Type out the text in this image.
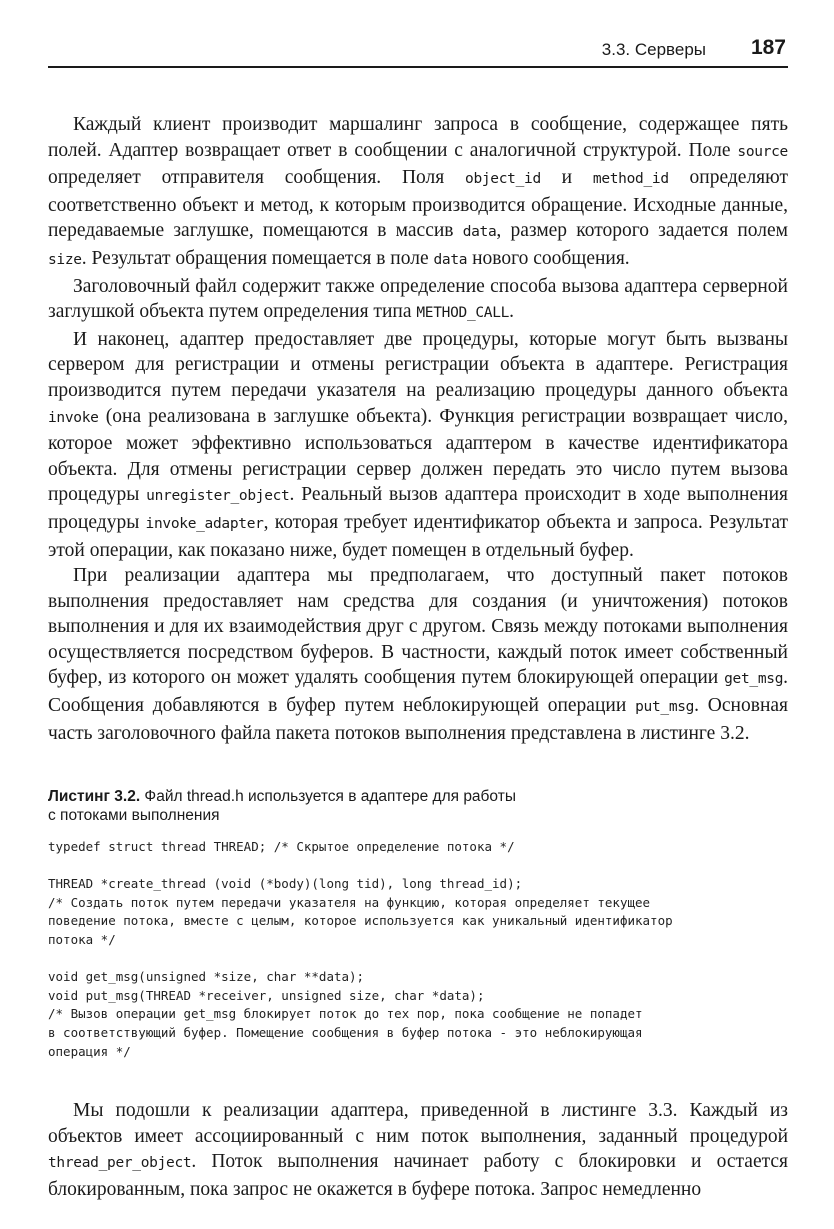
3.3. Серверы 187

Каждый клиент производит маршалинг запроса в сообщение, содержащее пять полей. Адаптер возвращает ответ в сообщении с аналогичной структурой. Поле source определяет отправителя сообщения. Поля object_id и method_id определяют соответственно объект и метод, к которым производится обращение. Исходные данные, передаваемые заглушке, помещаются в массив data, размер которого задается полем size. Результат обращения помещается в поле data нового сообщения.

Заголовочный файл содержит также определение способа вызова адаптера серверной заглушкой объекта путем определения типа METHOD_CALL.

И наконец, адаптер предоставляет две процедуры, которые могут быть вызваны сервером для регистрации и отмены регистрации объекта в адаптере. Регистрация производится путем передачи указателя на реализацию процедуры данного объекта invoke (она реализована в заглушке объекта). Функция регистрации возвращает число, которое может эффективно использоваться адаптером в качестве идентификатора объекта. Для отмены регистрации сервер должен передать это число путем вызова процедуры unregister_object. Реальный вызов адаптера происходит в ходе выполнения процедуры invoke_adapter, которая требует идентификатор объекта и запроса. Результат этой операции, как показано ниже, будет помещен в отдельный буфер.

При реализации адаптера мы предполагаем, что доступный пакет потоков выполнения предоставляет нам средства для создания (и уничтожения) потоков выполнения и для их взаимодействия друг с другом. Связь между потоками выполнения осуществляется посредством буферов. В частности, каждый поток имеет собственный буфер, из которого он может удалять сообщения путем блокирующей операции get_msg. Сообщения добавляются в буфер путем неблокирующей операции put_msg. Основная часть заголовочного файла пакета потоков выполнения представлена в листинге 3.2.

Листинг 3.2. Файл thread.h используется в адаптере для работы
с потоками выполнения
typedef struct thread THREAD; /* Скрытое определение потока */

THREAD *create_thread (void (*body)(long tid), long thread_id);
/* Создать поток путем передачи указателя на функцию, которая определяет текущее
поведение потока, вместе с целым, которое используется как уникальный идентификатор
потока */

void get_msg(unsigned *size, char **data);
void put_msg(THREAD *receiver, unsigned size, char *data);
/* Вызов операции get_msg блокирует поток до тех пор, пока сообщение не попадет
в соответствующий буфер. Помещение сообщения в буфер потока - это неблокирующая
операция */

Мы подошли к реализации адаптера, приведенной в листинге 3.3. Каждый из объектов имеет ассоциированный с ним поток выполнения, заданный процедурой thread_per_object. Поток выполнения начинает работу с блокировки и остается блокированным, пока запрос не окажется в буфере потока. Запрос немедленно
